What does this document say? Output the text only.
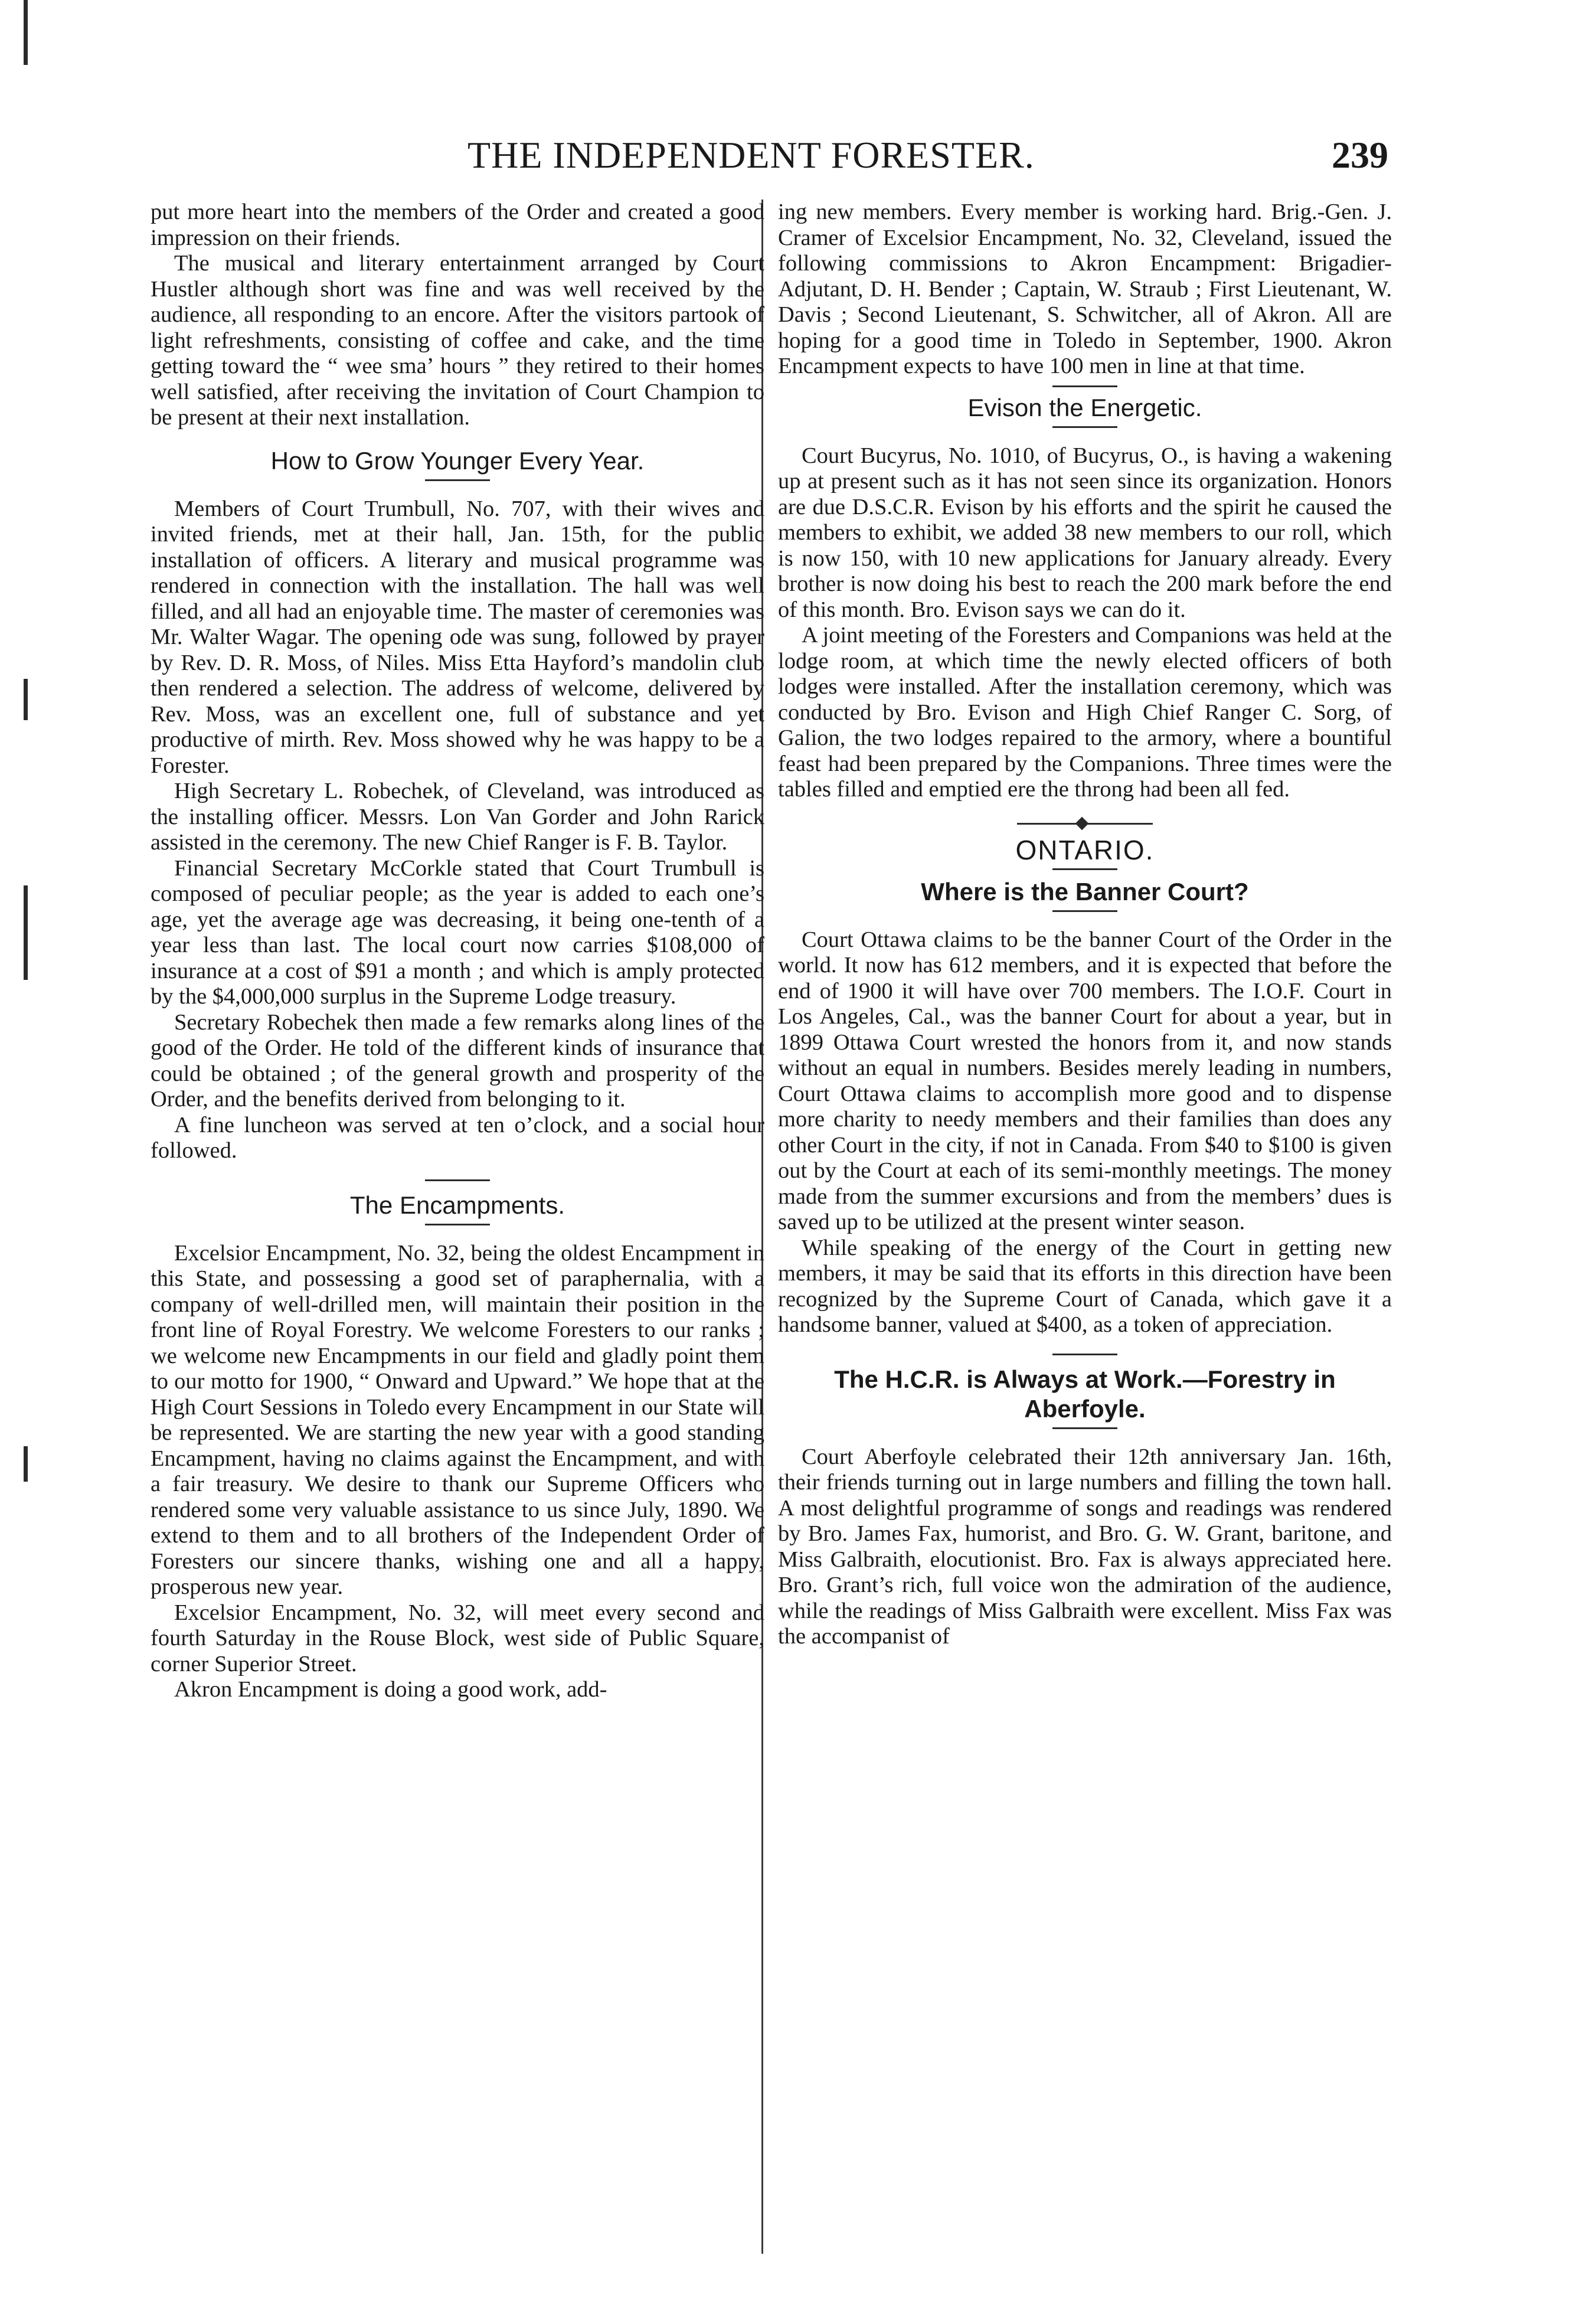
THE INDEPENDENT FORESTER.	239

put more heart into the members of the Order and created a good impression on their friends.

The musical and literary entertainment arranged by Court Hustler although short was fine and was well received by the audience, all responding to an encore. After the visitors partook of light refreshments, consisting of coffee and cake, and the time getting toward the “ wee sma’ hours ” they retired to their homes well satisfied, after receiving the invitation of Court Champion to be present at their next installation.

How to Grow Younger Every Year.

Members of Court Trumbull, No. 707, with their wives and invited friends, met at their hall, Jan. 15th, for the public installation of officers. A literary and musical programme was rendered in connection with the installation. The hall was well filled, and all had an enjoyable time. The master of ceremonies was Mr. Walter Wagar. The opening ode was sung, followed by prayer by Rev. D. R. Moss, of Niles. Miss Etta Hayford’s mandolin club then rendered a selection. The address of welcome, delivered by Rev. Moss, was an excellent one, full of substance and yet productive of mirth. Rev. Moss showed why he was happy to be a Forester.

High Secretary L. Robechek, of Cleveland, was introduced as the installing officer. Messrs. Lon Van Gorder and John Rarick assisted in the ceremony. The new Chief Ranger is F. B. Taylor.

Financial Secretary McCorkle stated that Court Trumbull is composed of peculiar people; as the year is added to each one’s age, yet the average age was decreasing, it being one-tenth of a year less than last. The local court now carries $108,000 of insurance at a cost of $91 a month ; and which is amply protected by the $4,000,000 surplus in the Supreme Lodge treasury.

Secretary Robechek then made a few remarks along lines of the good of the Order. He told of the different kinds of insurance that could be obtained ; of the general growth and prosperity of the Order, and the benefits derived from belonging to it.

A fine luncheon was served at ten o’clock, and a social hour followed.

The Encampments.

Excelsior Encampment, No. 32, being the oldest Encampment in this State, and possessing a good set of paraphernalia, with a company of well-drilled men, will maintain their position in the front line of Royal Forestry. We welcome Foresters to our ranks ; we welcome new Encampments in our field and gladly point them to our motto for 1900, “ Onward and Upward.” We hope that at the High Court Sessions in Toledo every Encampment in our State will be represented. We are starting the new year with a good standing Encampment, having no claims against the Encampment, and with a fair treasury. We desire to thank our Supreme Officers who rendered some very valuable assistance to us since July, 1890. We extend to them and to all brothers of the Independent Order of Foresters our sincere thanks, wishing one and all a happy, prosperous new year.

Excelsior Encampment, No. 32, will meet every second and fourth Saturday in the Rouse Block, west side of Public Square, corner Superior Street.

Akron Encampment is doing a good work, add-

ing new members. Every member is working hard. Brig.-Gen. J. Cramer of Excelsior Encampment, No. 32, Cleveland, issued the following commissions to Akron Encampment: Brigadier-Adjutant, D. H. Bender ; Captain, W. Straub ; First Lieutenant, W. Davis ; Second Lieutenant, S. Schwitcher, all of Akron. All are hoping for a good time in Toledo in September, 1900. Akron Encampment expects to have 100 men in line at that time.

Evison the Energetic.

Court Bucyrus, No. 1010, of Bucyrus, O., is having a wakening up at present such as it has not seen since its organization. Honors are due D.S.C.R. Evison by his efforts and the spirit he caused the members to exhibit, we added 38 new members to our roll, which is now 150, with 10 new applications for January already. Every brother is now doing his best to reach the 200 mark before the end of this month. Bro. Evison says we can do it.

A joint meeting of the Foresters and Companions was held at the lodge room, at which time the newly elected officers of both lodges were installed. After the installation ceremony, which was conducted by Bro. Evison and High Chief Ranger C. Sorg, of Galion, the two lodges repaired to the armory, where a bountiful feast had been prepared by the Companions. Three times were the tables filled and emptied ere the throng had been all fed.

ONTARIO.
Where is the Banner Court?

Court Ottawa claims to be the banner Court of the Order in the world. It now has 612 members, and it is expected that before the end of 1900 it will have over 700 members. The I.O.F. Court in Los Angeles, Cal., was the banner Court for about a year, but in 1899 Ottawa Court wrested the honors from it, and now stands without an equal in numbers. Besides merely leading in numbers, Court Ottawa claims to accomplish more good and to dispense more charity to needy members and their families than does any other Court in the city, if not in Canada. From $40 to $100 is given out by the Court at each of its semi-monthly meetings. The money made from the summer excursions and from the members’ dues is saved up to be utilized at the present winter season.

While speaking of the energy of the Court in getting new members, it may be said that its efforts in this direction have been recognized by the Supreme Court of Canada, which gave it a handsome banner, valued at $400, as a token of appreciation.

The H.C.R. is Always at Work.—Forestry in Aberfoyle.

Court Aberfoyle celebrated their 12th anniversary Jan. 16th, their friends turning out in large numbers and filling the town hall. A most delightful programme of songs and readings was rendered by Bro. James Fax, humorist, and Bro. G. W. Grant, baritone, and Miss Galbraith, elocutionist. Bro. Fax is always appreciated here. Bro. Grant’s rich, full voice won the admiration of the audience, while the readings of Miss Galbraith were excellent. Miss Fax was the accompanist of
